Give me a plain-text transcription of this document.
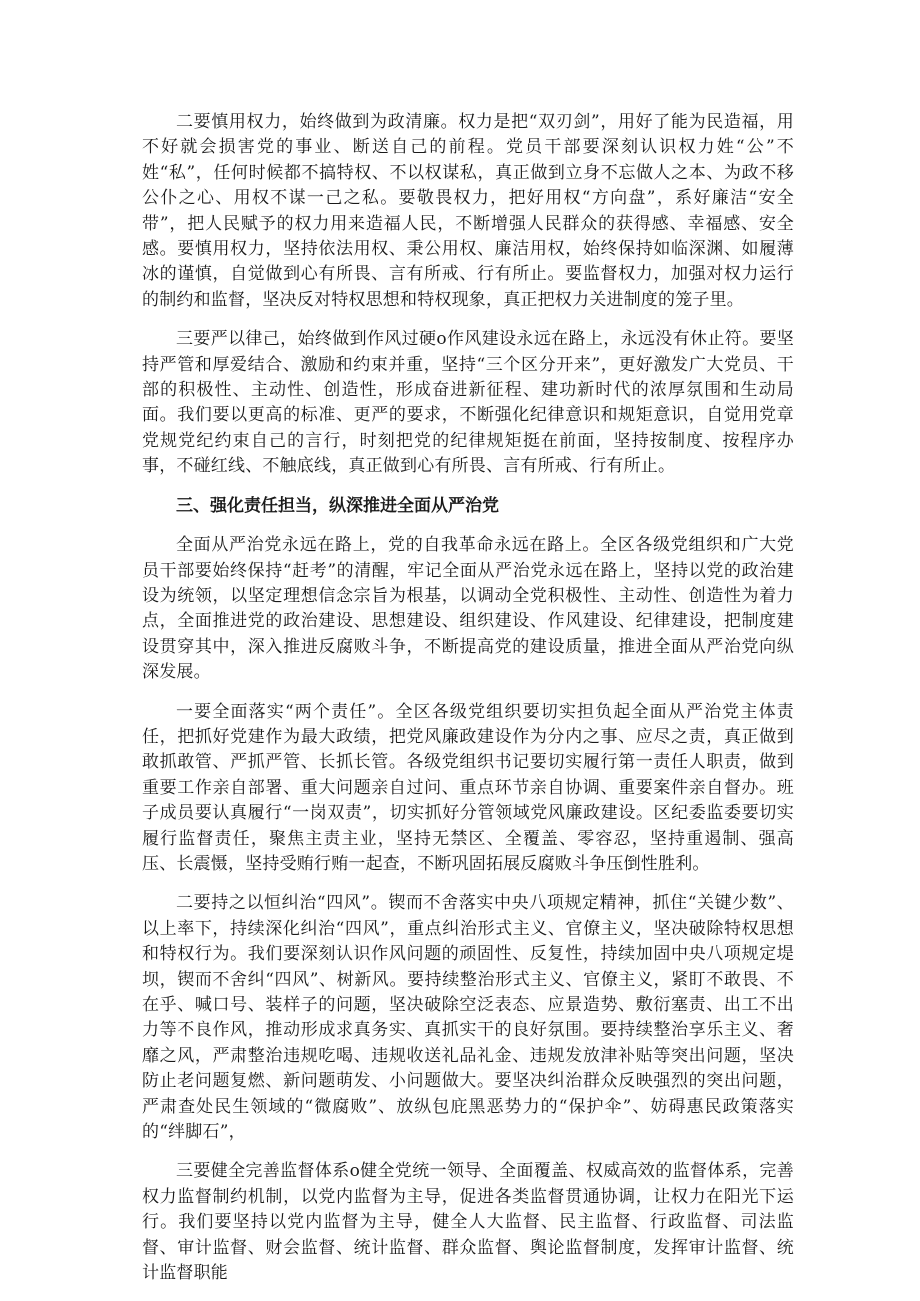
二要慎用权力，始终做到为政清廉。权力是把“双刃剑”，用好了能为民造福，用不好就会损害党的事业、断送自己的前程。党员干部要深刻认识权力姓“公”不姓“私”，任何时候都不搞特权、不以权谋私，真正做到立身不忘做人之本、为政不移公仆之心、用权不谋一己之私。要敬畏权力，把好用权“方向盘”，系好廉洁“安全带”，把人民赋予的权力用来造福人民，不断增强人民群众的获得感、幸福感、安全感。要慎用权力，坚持依法用权、秉公用权、廉洁用权，始终保持如临深渊、如履薄冰的谨慎，自觉做到心有所畏、言有所戒、行有所止。要监督权力，加强对权力运行的制约和监督，坚决反对特权思想和特权现象，真正把权力关进制度的笼子里。

三要严以律己，始终做到作风过硬o作风建设永远在路上，永远没有休止符。要坚持严管和厚爱结合、激励和约束并重，坚持“三个区分开来”，更好激发广大党员、干部的积极性、主动性、创造性，形成奋进新征程、建功新时代的浓厚氛围和生动局面。我们要以更高的标准、更严的要求，不断强化纪律意识和规矩意识，自觉用党章党规党纪约束自己的言行，时刻把党的纪律规矩挺在前面，坚持按制度、按程序办事，不碰红线、不触底线，真正做到心有所畏、言有所戒、行有所止。

三、强化责任担当，纵深推进全面从严治党

全面从严治党永远在路上，党的自我革命永远在路上。全区各级党组织和广大党员干部要始终保持“赶考”的清醒，牢记全面从严治党永远在路上，坚持以党的政治建设为统领，以坚定理想信念宗旨为根基，以调动全党积极性、主动性、创造性为着力点，全面推进党的政治建设、思想建设、组织建设、作风建设、纪律建设，把制度建设贯穿其中，深入推进反腐败斗争，不断提高党的建设质量，推进全面从严治党向纵深发展。

一要全面落实“两个责任”。全区各级党组织要切实担负起全面从严治党主体责任，把抓好党建作为最大政绩，把党风廉政建设作为分内之事、应尽之责，真正做到敢抓敢管、严抓严管、长抓长管。各级党组织书记要切实履行第一责任人职责，做到重要工作亲自部署、重大问题亲自过问、重点环节亲自协调、重要案件亲自督办。班子成员要认真履行“一岗双责”，切实抓好分管领域党风廉政建设。区纪委监委要切实履行监督责任，聚焦主责主业，坚持无禁区、全覆盖、零容忍，坚持重遏制、强高压、长震慑，坚持受贿行贿一起查，不断巩固拓展反腐败斗争压倒性胜利。

二要持之以恒纠治“四风”。锲而不舍落实中央八项规定精神，抓住“关键少数”、以上率下，持续深化纠治“四风”，重点纠治形式主义、官僚主义，坚决破除特权思想和特权行为。我们要深刻认识作风问题的顽固性、反复性，持续加固中央八项规定堤坝，锲而不舍纠“四风”、树新风。要持续整治形式主义、官僚主义，紧盯不敢畏、不在乎、喊口号、装样子的问题，坚决破除空泛表态、应景造势、敷衍塞责、出工不出力等不良作风，推动形成求真务实、真抓实干的良好氛围。要持续整治享乐主义、奢靡之风，严肃整治违规吃喝、违规收送礼品礼金、违规发放津补贴等突出问题，坚决防止老问题复燃、新问题萌发、小问题做大。要坚决纠治群众反映强烈的突出问题，严肃查处民生领域的“微腐败”、放纵包庇黑恶势力的“保护伞”、妨碍惠民政策落实的“绊脚石”，

三要健全完善监督体系o健全党统一领导、全面覆盖、权威高效的监督体系，完善权力监督制约机制，以党内监督为主导，促进各类监督贯通协调，让权力在阳光下运行。我们要坚持以党内监督为主导，健全人大监督、民主监督、行政监督、司法监督、审计监督、财会监督、统计监督、群众监督、舆论监督制度，发挥审计监督、统计监督职能
